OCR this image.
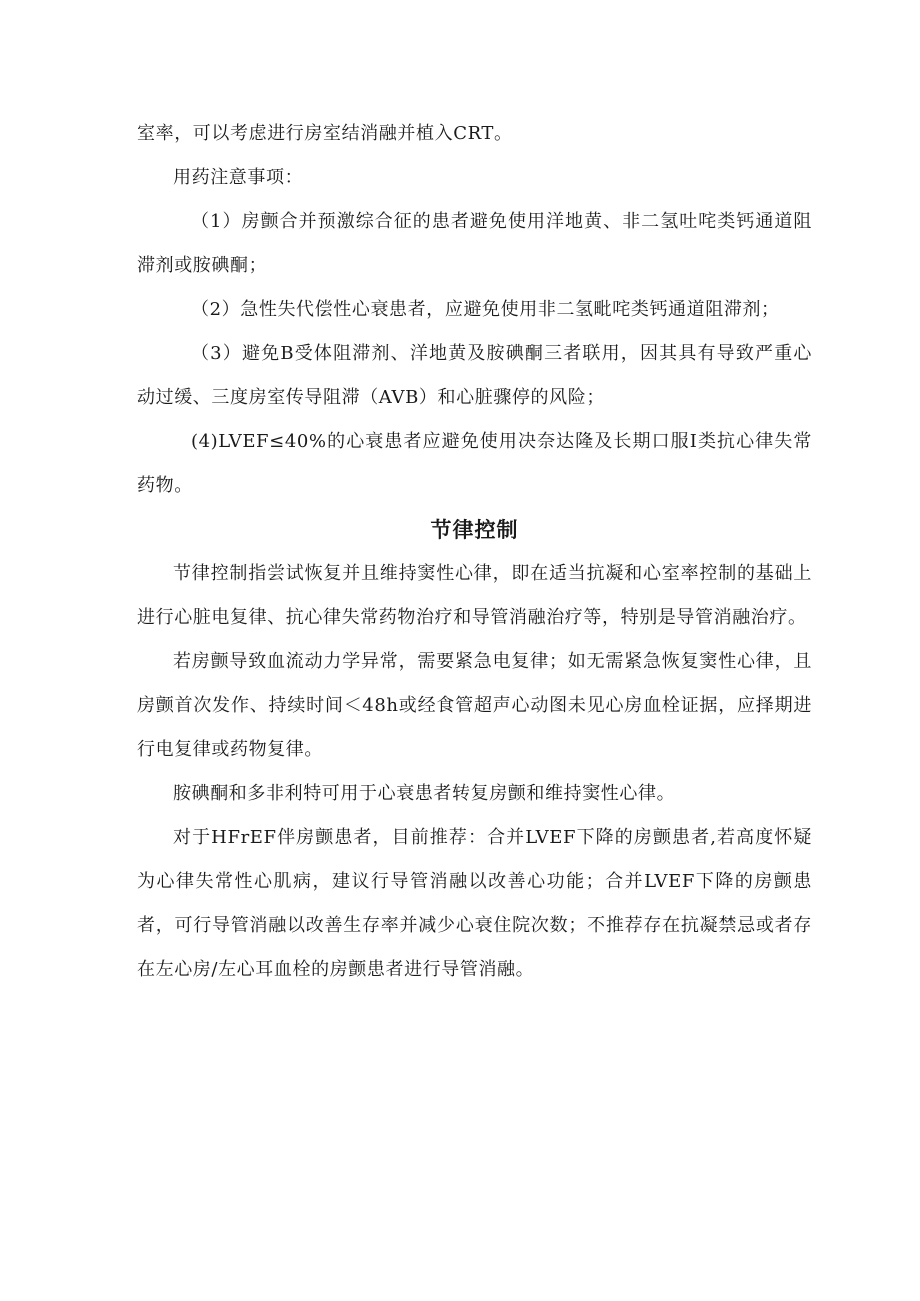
室率，可以考虑进行房室结消融并植入CRT。

用药注意事项：

（1）房颤合并预激综合征的患者避免使用洋地黄、非二氢吐咤类钙通道阻滞剂或胺碘酮；

（2）急性失代偿性心衰患者，应避免使用非二氢毗咤类钙通道阻滞剂；

（3）避免B受体阻滞剂、洋地黄及胺碘酮三者联用，因其具有导致严重心动过缓、三度房室传导阻滞（AVB）和心脏骤停的风险；

(4)LVEF≤40%的心衰患者应避免使用决奈达隆及长期口服I类抗心律失常药物。

节律控制

节律控制指尝试恢复并且维持窦性心律，即在适当抗凝和心室率控制的基础上进行心脏电复律、抗心律失常药物治疗和导管消融治疗等，特别是导管消融治疗。

若房颤导致血流动力学异常，需要紧急电复律；如无需紧急恢复窦性心律，且房颤首次发作、持续时间＜48h或经食管超声心动图未见心房血栓证据，应择期进行电复律或药物复律。

胺碘酮和多非利特可用于心衰患者转复房颤和维持窦性心律。

对于HFrEF伴房颤患者，目前推荐：合并LVEF下降的房颤患者,若高度怀疑为心律失常性心肌病，建议行导管消融以改善心功能；合并LVEF下降的房颤患者，可行导管消融以改善生存率并减少心衰住院次数；不推荐存在抗凝禁忌或者存在左心房/左心耳血栓的房颤患者进行导管消融。
